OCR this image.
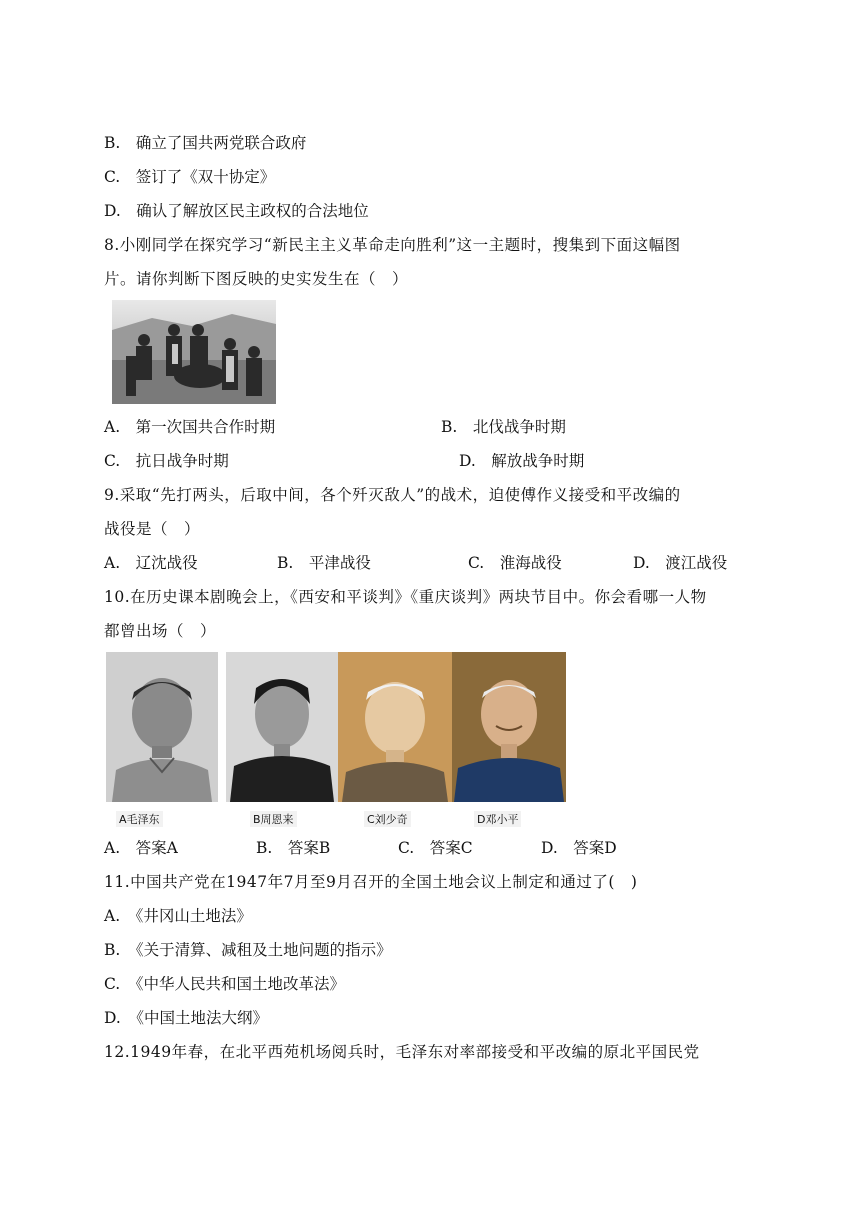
B.　确立了国共两党联合政府
C.　签订了《双十协定》
D.　确认了解放区民主政权的合法地位
8.小刚同学在探究学习“新民主主义革命走向胜利”这一主题时，搜集到下面这幅图
片。请你判断下图反映的史实发生在（　）
A.　第一次国共合作时期	B.　北伐战争时期
C.　抗日战争时期	D.　解放战争时期
9.采取“先打两头，后取中间，各个歼灭敌人”的战术，迫使傅作义接受和平改编的
战役是（　）
A.　辽沈战役	B.　平津战役	C.　淮海战役	D.　渡江战役
10.在历史课本剧晚会上，《西安和平谈判》《重庆谈判》两块节目中。你会看哪一人物
都曾出场（　）
A毛泽东	B周恩来	C刘少奇	D邓小平
A.　答案A	B.　答案B	C.　答案C	D.　答案D
11.中国共产党在1947年7月至9月召开的全国土地会议上制定和通过了(　)
A.　《井冈山土地法》
B.　《关于清算、减租及土地问题的指示》
C.　《中华人民共和国土地改革法》
D.　《中国土地法大纲》
12.1949年春，在北平西苑机场阅兵时，毛泽东对率部接受和平改编的原北平国民党
